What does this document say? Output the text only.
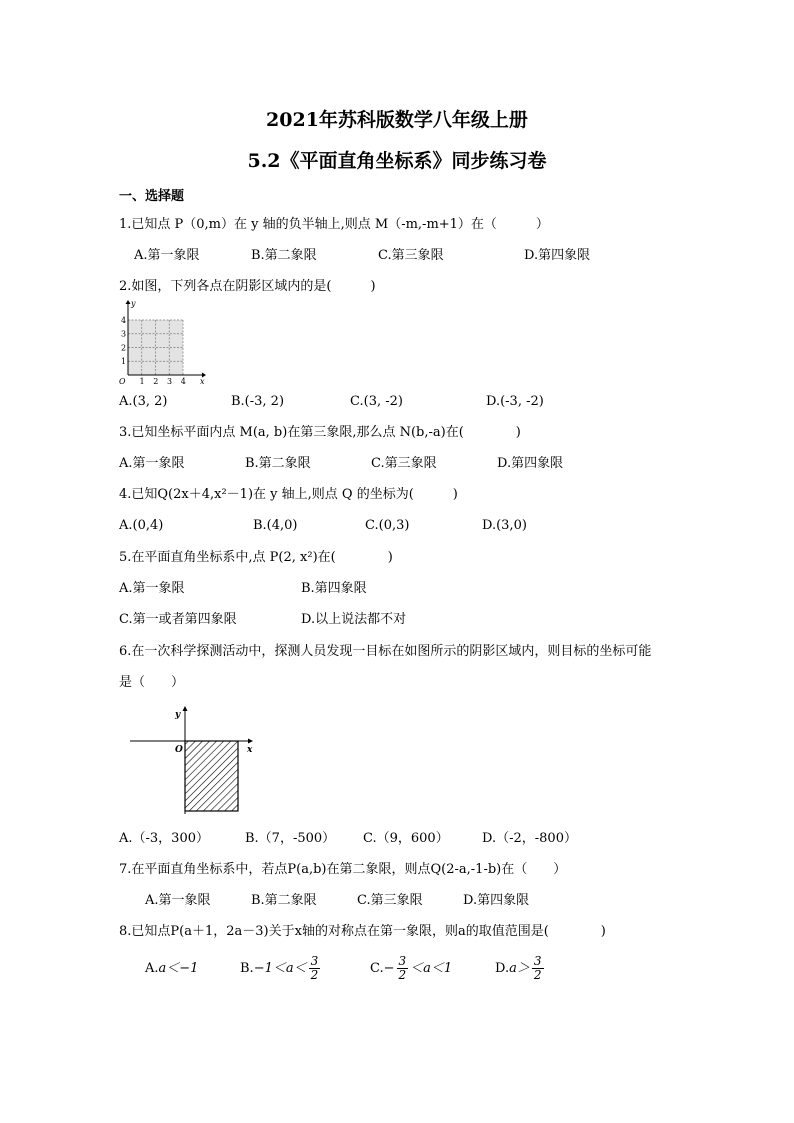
2021年苏科版数学八年级上册
5.2《平面直角坐标系》同步练习卷
一、选择题
1.已知点 P（0,m）在 y 轴的负半轴上,则点 M（-m,-m+1）在（　　　）
A.第一象限	B.第二象限	C.第三象限	D.第四象限
2.如图，下列各点在阴影区域内的是(　　　)
x
y
O 1 2 3 4
1
2
3
4
A.(3, 2)	B.(-3, 2)	C.(3, -2)	D.(-3, -2)
3.已知坐标平面内点 M(a, b)在第三象限,那么点 N(b,-a)在(　　　　)
A.第一象限	B.第二象限	C.第三象限	D.第四象限
4.已知Q(2x＋4,x²－1)在 y 轴上,则点 Q 的坐标为(　　　)
A.(0,4)	B.(4,0)	C.(0,3)	D.(3,0)
5.在平面直角坐标系中,点 P(2, x²)在(　　　　)
A.第一象限	B.第四象限
C.第一或者第四象限	D.以上说法都不对
6.在一次科学探测活动中，探测人员发现一目标在如图所示的阴影区域内，则目标的坐标可能
是（　　）
x
y
O
A.（-3，300）	B.（7，-500） C.（9，600）	D.（-2，-800）
7.在平面直角坐标系中，若点P(a,b)在第二象限，则点Q(2-a,-1-b)在（　　）
A.第一象限	B.第二象限	C.第三象限	D.第四象限
8.已知点P(a＋1，2a－3)关于x轴的对称点在第一象限，则a的取值范围是(　　　　)
A.a＜−1	$B.-1<a< \frac{3}{2}$	$C.- \frac{3}{2} <a<1$	$D.a> \frac{3}{2}$
